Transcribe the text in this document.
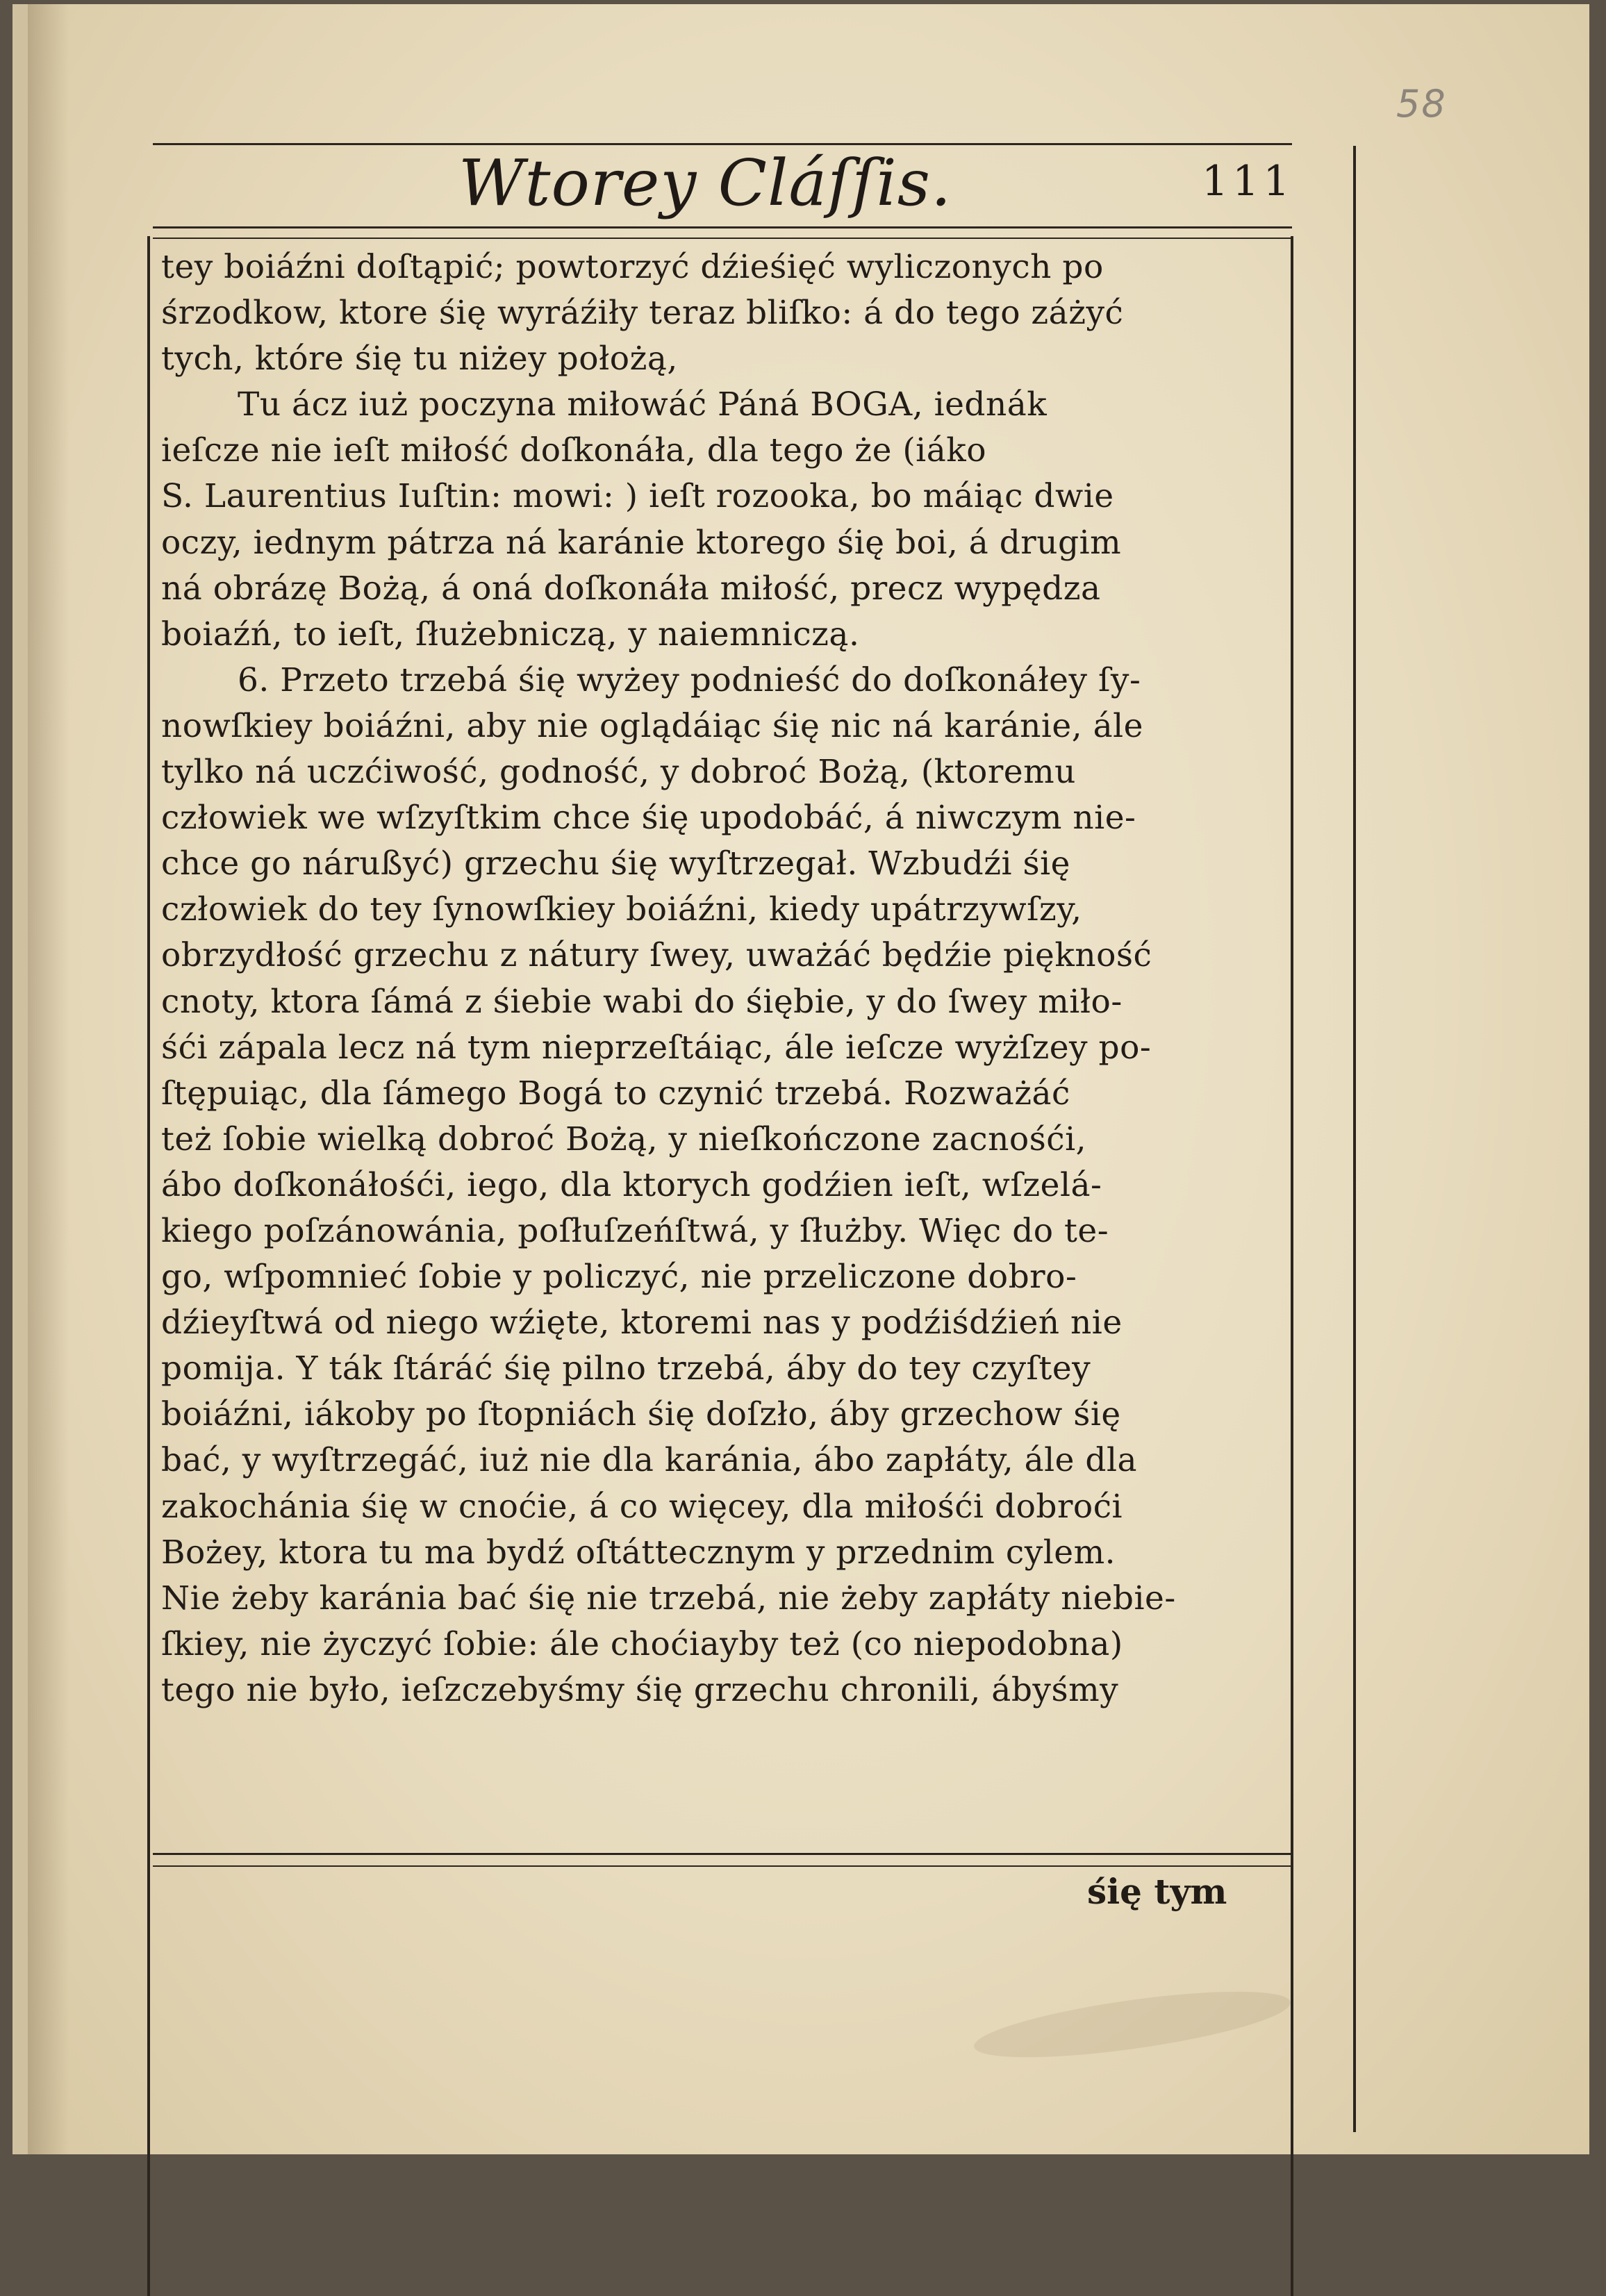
58
Wtorey Cláſſis.	111
tey boiáźni doſtąpić; powtorzyć dźieśięć wyliczonych po
śrzodkow, ktore śię wyráźiły teraz bliſko: á do tego záżyć
tych, które śię tu niżey położą,
Tu ácz iuż poczyna miłowáć Páná BOGA, iednák
ieſcze nie ieſt miłość doſkonáła, dla tego że (iáko
S. Laurentius Iuſtin: mowi: ) ieſt rozooka, bo máiąc dwie
oczy, iednym pátrza ná karánie ktorego śię boi, á drugim
ná obrázę Bożą, á oná doſkonáła miłość, precz wypędza
boiaźń, to ieſt, ſłużebniczą, y naiemniczą.
6. Przeto trzebá śię wyżey podnieść do doſkonáłey ſy-
nowſkiey boiáźni, aby nie oglądáiąc śię nic ná karánie, ále
tylko ná uczćiwość, godność, y dobroć Bożą, (ktoremu
człowiek we wſzyſtkim chce śię upodobáć, á niwczym nie-
chce go nárußyć) grzechu śię wyſtrzegał. Wzbudźi śię
człowiek do tey ſynowſkiey boiáźni, kiedy upátrzywſzy,
obrzydłość grzechu z nátury ſwey, uważáć będźie piękność
cnoty, ktora ſámá z śiebie wabi do śiębie, y do ſwey miło-
śći zápala lecz ná tym nieprzeſtáiąc, ále ieſcze wyżſzey po-
ſtępuiąc, dla ſámego Bogá to czynić trzebá. Rozważáć
też ſobie wielką dobroć Bożą, y nieſkończone zacnośći,
ábo doſkonáłośći, iego, dla ktorych godźien ieſt, wſzelá-
kiego poſzánowánia, poſłuſzeńſtwá, y ſłużby. Więc do te-
go, wſpomnieć ſobie y policzyć, nie przeliczone dobro-
dźieyſtwá od niego wźięte, ktoremi nas y podźiśdźień nie
pomija. Y ták ſtáráć śię pilno trzebá, áby do tey czyſtey
boiáźni, iákoby po ſtopniách śię doſzło, áby grzechow śię
bać, y wyſtrzegáć, iuż nie dla karánia, ábo zapłáty, ále dla
zakochánia śię w cnoćie, á co więcey, dla miłośći dobroći
Bożey, ktora tu ma bydź oſtáttecznym y przednim cylem.
Nie żeby karánia bać śię nie trzebá, nie żeby zapłáty niebie-
ſkiey, nie życzyć ſobie: ále choćiayby też (co niepodobna)
tego nie było, ieſzczebyśmy śię grzechu chronili, ábyśmy
śię tym
